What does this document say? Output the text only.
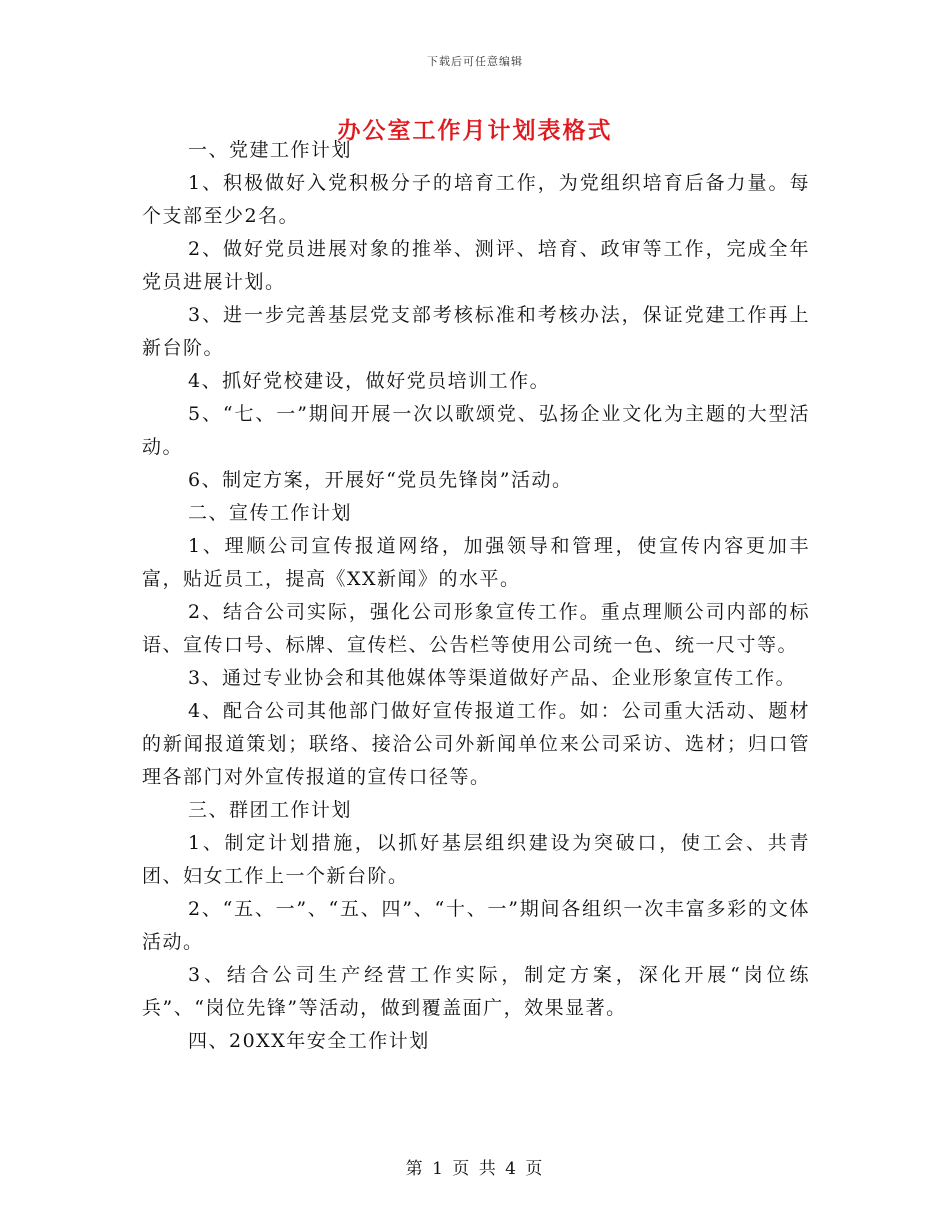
下载后可任意编辑
办公室工作月计划表格式

一、党建工作计划

1、积极做好入党积极分子的培育工作，为党组织培育后备力量。每个支部至少2名。

2、做好党员进展对象的推举、测评、培育、政审等工作，完成全年党员进展计划。

3、进一步完善基层党支部考核标准和考核办法，保证党建工作再上新台阶。

4、抓好党校建设，做好党员培训工作。

5、“七、一”期间开展一次以歌颂党、弘扬企业文化为主题的大型活动。

6、制定方案，开展好“党员先锋岗”活动。

二、宣传工作计划

1、理顺公司宣传报道网络，加强领导和管理，使宣传内容更加丰富，贴近员工，提高《XX新闻》的水平。

2、结合公司实际，强化公司形象宣传工作。重点理顺公司内部的标语、宣传口号、标牌、宣传栏、公告栏等使用公司统一色、统一尺寸等。

3、通过专业协会和其他媒体等渠道做好产品、企业形象宣传工作。

4、配合公司其他部门做好宣传报道工作。如：公司重大活动、题材的新闻报道策划；联络、接洽公司外新闻单位来公司采访、选材；归口管理各部门对外宣传报道的宣传口径等。

三、群团工作计划

1、制定计划措施，以抓好基层组织建设为突破口，使工会、共青团、妇女工作上一个新台阶。

2、“五、一”、“五、四”、“十、一”期间各组织一次丰富多彩的文体活动。

3、结合公司生产经营工作实际，制定方案，深化开展“岗位练兵”、“岗位先锋”等活动，做到覆盖面广，效果显著。

四、20XX年安全工作计划

第 1 页 共 4 页
